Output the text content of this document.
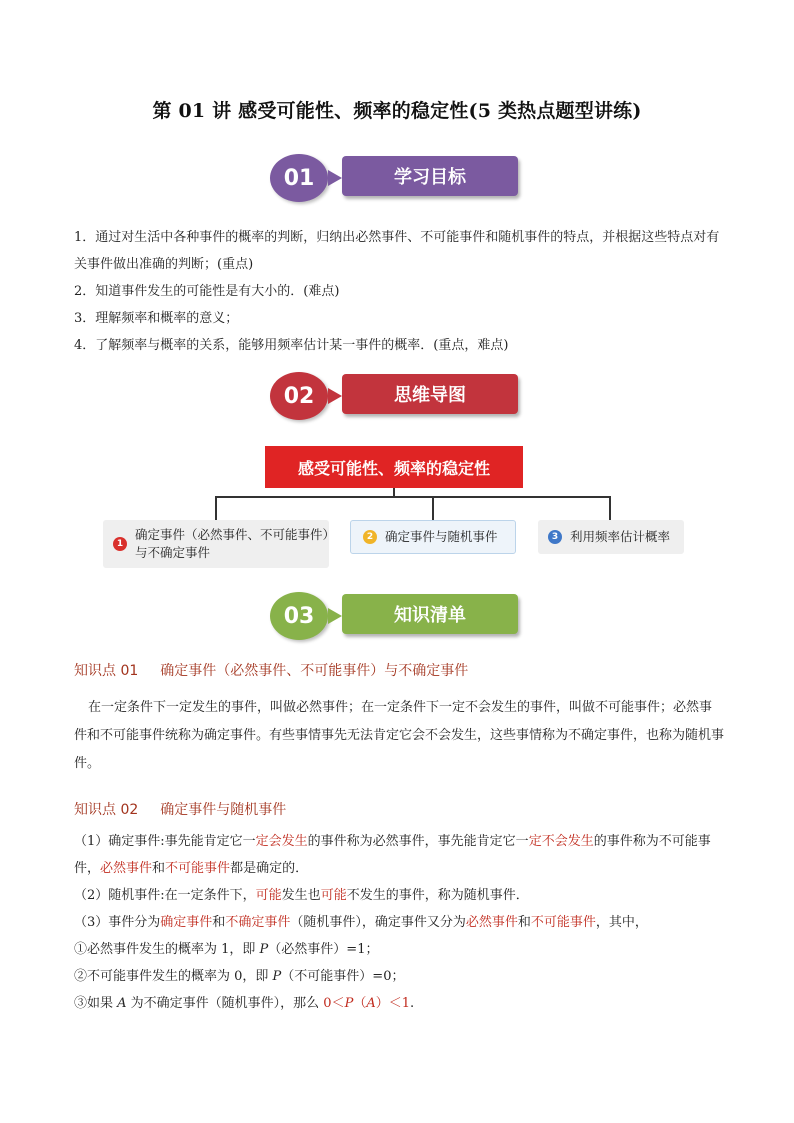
第 01 讲 感受可能性、频率的稳定性(5 类热点题型讲练)
01	学习目标

1．通过对生活中各种事件的概率的判断，归纳出必然事件、不可能事件和随机事件的特点，并根据这些特点对有关事件做出准确的判断；(重点)

2．知道事件发生的可能性是有大小的．(难点)

3．理解频率和概率的意义；

4．了解频率与概率的关系，能够用频率估计某一事件的概率．(重点，难点)

02	思维导图
感受可能性、频率的稳定性
1
确定事件（必然事件、不可能事件）与不确定事件
2 确定事件与随机事件	3 利用频率估计概率
03	知识清单
知识点 01 确定事件（必然事件、不可能事件）与不确定事件
在一定条件下一定发生的事件，叫做必然事件；在一定条件下一定不会发生的事件，叫做不可能事件；必然事件和不可能事件统称为确定事件。有些事情事先无法肯定它会不会发生，这些事情称为不确定事件，也称为随机事件。
知识点 02 确定事件与随机事件

（1）确定事件:事先能肯定它一定会发生的事件称为必然事件，事先能肯定它一定不会发生的事件称为不可能事件，必然事件和不可能事件都是确定的．

（2）随机事件:在一定条件下，可能发生也可能不发生的事件，称为随机事件．

（3）事件分为确定事件和不确定事件（随机事件），确定事件又分为必然事件和不可能事件，其中，

①必然事件发生的概率为 1，即 P（必然事件）=1；

②不可能事件发生的概率为 0，即 P（不可能事件）=0；

③如果 A 为不确定事件（随机事件），那么 0＜P（A）＜1.
